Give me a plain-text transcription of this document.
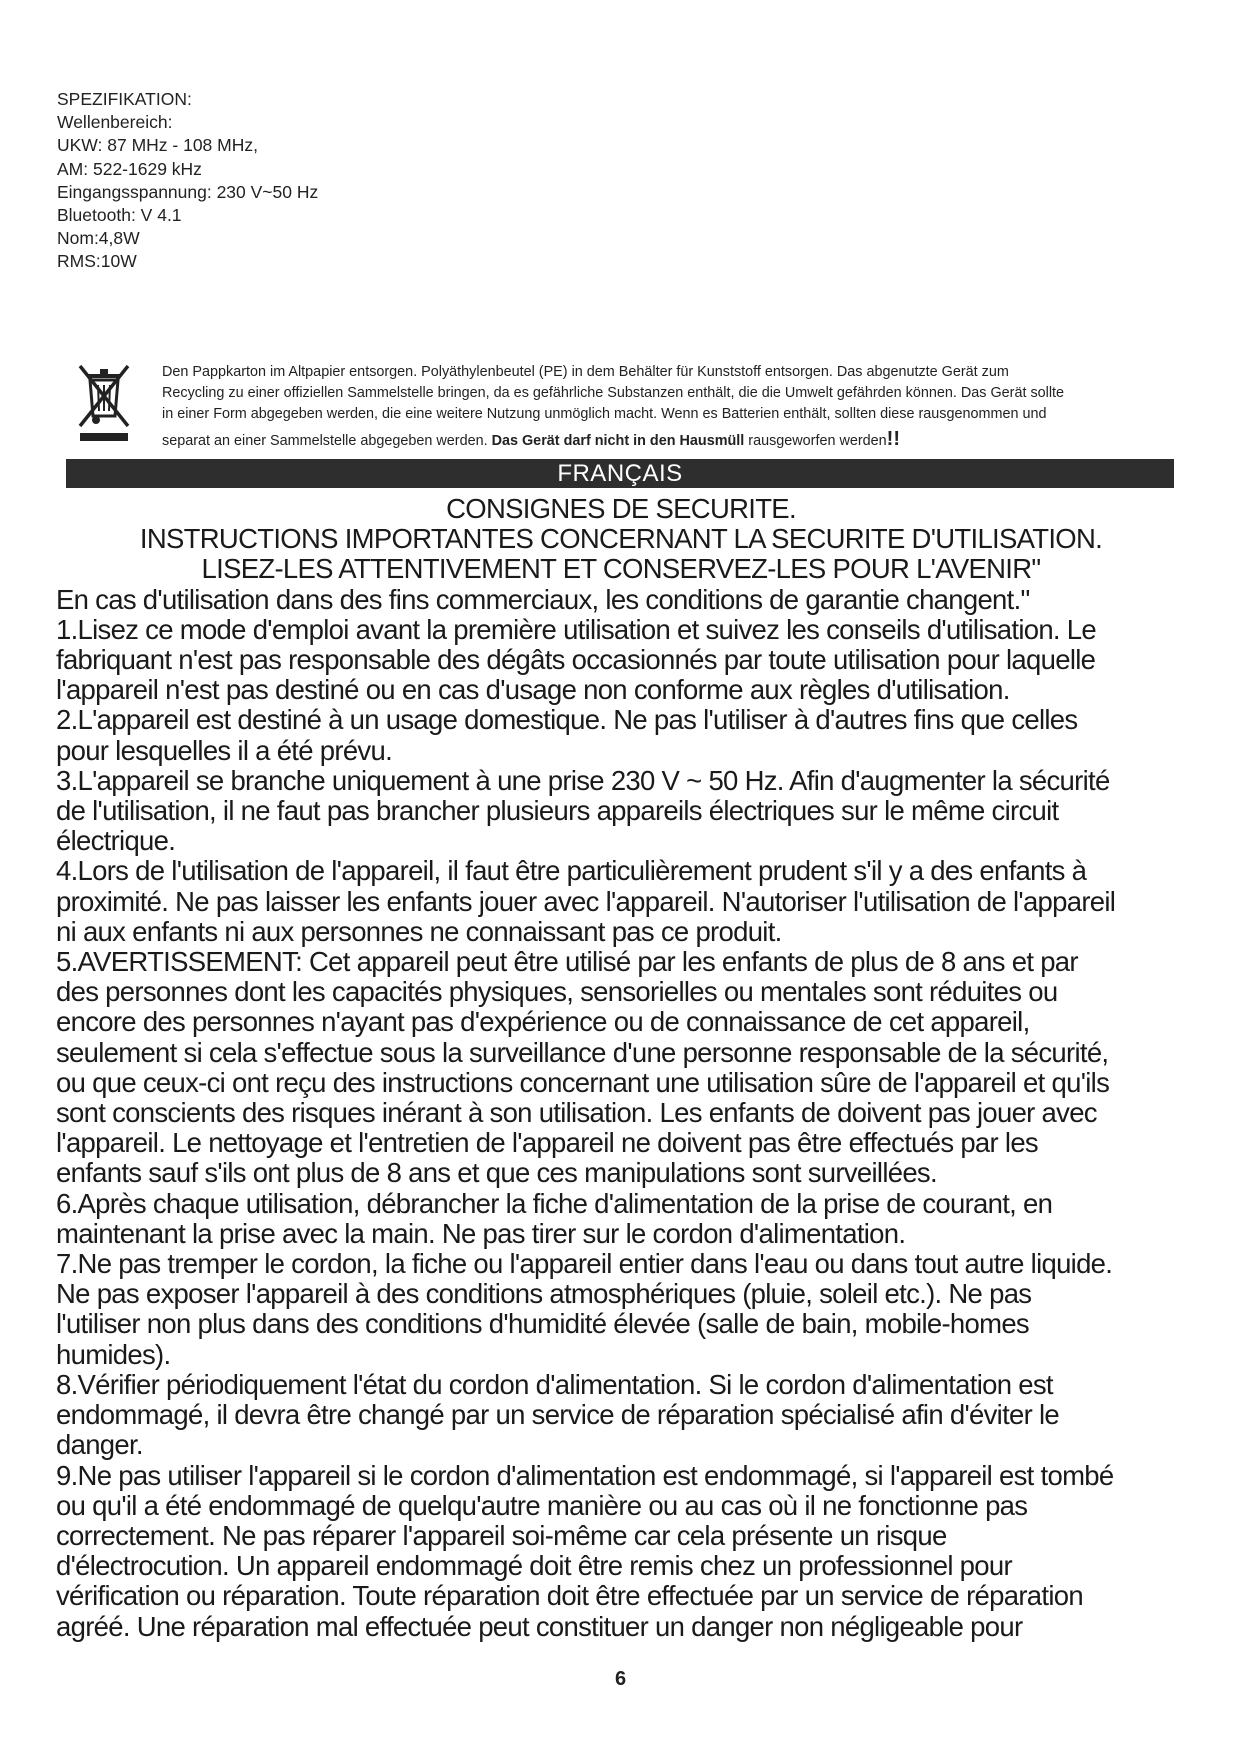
SPEZIFIKATION:
Wellenbereich:
UKW: 87 MHz - 108 MHz,
AM: 522-1629 kHz
Eingangsspannung: 230 V~50 Hz
Bluetooth: V 4.1
Nom:4,8W
RMS:10W
Den Pappkarton im Altpapier entsorgen. Polyäthylenbeutel (PE) in dem Behälter für Kunststoff entsorgen. Das abgenutzte Gerät zum
Recycling zu einer offiziellen Sammelstelle bringen, da es gefährliche Substanzen enthält, die die Umwelt gefährden können. Das Gerät sollte
in einer Form abgegeben werden, die eine weitere Nutzung unmöglich macht. Wenn es Batterien enthält, sollten diese rausgenommen und
separat an einer Sammelstelle abgegeben werden. Das Gerät darf nicht in den Hausmüll rausgeworfen werden!!
FRANÇAIS
CONSIGNES DE SECURITE.
INSTRUCTIONS IMPORTANTES CONCERNANT LA SECURITE D'UTILISATION.
LISEZ-LES ATTENTIVEMENT ET CONSERVEZ-LES POUR L'AVENIR"
En cas d'utilisation dans des fins commerciaux, les conditions de garantie changent."
1.Lisez ce mode d'emploi avant la première utilisation et suivez les conseils d'utilisation. Le
fabriquant n'est pas responsable des dégâts occasionnés par toute utilisation pour laquelle
l'appareil n'est pas destiné ou en cas d'usage non conforme aux règles d'utilisation.
2.L'appareil est destiné à un usage domestique. Ne pas l'utiliser à d'autres fins que celles
pour lesquelles il a été prévu.
3.L'appareil se branche uniquement à une prise 230 V ~ 50 Hz. Afin d'augmenter la sécurité
de l'utilisation, il ne faut pas brancher plusieurs appareils électriques sur le même circuit
électrique.
4.Lors de l'utilisation de l'appareil, il faut être particulièrement prudent s'il y a des enfants à
proximité. Ne pas laisser les enfants jouer avec l'appareil. N'autoriser l'utilisation de l'appareil
ni aux enfants ni aux personnes ne connaissant pas ce produit.
5.AVERTISSEMENT: Cet appareil peut être utilisé par les enfants de plus de 8 ans et par
des personnes dont les capacités physiques, sensorielles ou mentales sont réduites ou
encore des personnes n'ayant pas d'expérience ou de connaissance de cet appareil,
seulement si cela s'effectue sous la surveillance d'une personne responsable de la sécurité,
ou que ceux-ci ont reçu des instructions concernant une utilisation sûre de l'appareil et qu'ils
sont conscients des risques inérant à son utilisation. Les enfants de doivent pas jouer avec
l'appareil. Le nettoyage et l'entretien de l'appareil ne doivent pas être effectués par les
enfants sauf s'ils ont plus de 8 ans et que ces manipulations sont surveillées.
6.Après chaque utilisation, débrancher la fiche d'alimentation de la prise de courant, en
maintenant la prise avec la main. Ne pas tirer sur le cordon d'alimentation.
7.Ne pas tremper le cordon, la fiche ou l'appareil entier dans l'eau ou dans tout autre liquide.
Ne pas exposer l'appareil à des conditions atmosphériques (pluie, soleil etc.). Ne pas
l'utiliser non plus dans des conditions d'humidité élevée (salle de bain, mobile-homes
humides).
8.Vérifier périodiquement l'état du cordon d'alimentation. Si le cordon d'alimentation est
endommagé, il devra être changé par un service de réparation spécialisé afin d'éviter le
danger.
9.Ne pas utiliser l'appareil si le cordon d'alimentation est endommagé, si l'appareil est tombé
ou qu'il a été endommagé de quelqu'autre manière ou au cas où il ne fonctionne pas
correctement. Ne pas réparer l'appareil soi-même car cela présente un risque
d'électrocution. Un appareil endommagé doit être remis chez un professionnel pour
vérification ou réparation. Toute réparation doit être effectuée par un service de réparation
agréé. Une réparation mal effectuée peut constituer un danger non négligeable pour
6
